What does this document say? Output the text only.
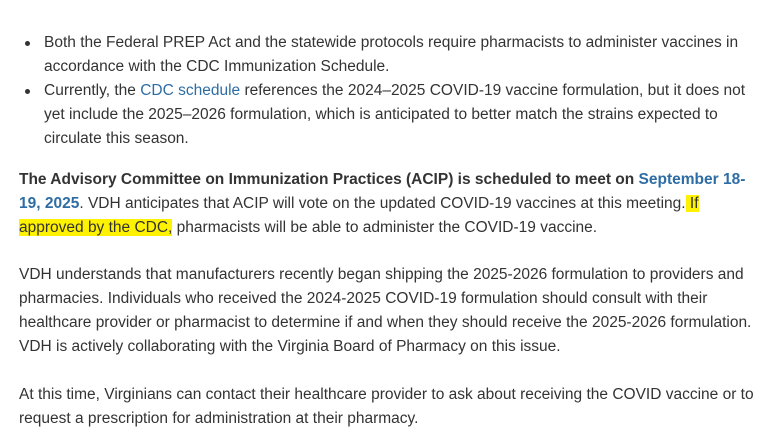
Both the Federal PREP Act and the statewide protocols require pharmacists to administer vaccines in accordance with the CDC Immunization Schedule.
Currently, the CDC schedule references the 2024–2025 COVID-19 vaccine formulation, but it does not yet include the 2025–2026 formulation, which is anticipated to better match the strains expected to circulate this season.

The Advisory Committee on Immunization Practices (ACIP) is scheduled to meet on September 18-19, 2025. VDH anticipates that ACIP will vote on the updated COVID-19 vaccines at this meeting. If approved by the CDC, pharmacists will be able to administer the COVID-19 vaccine.

VDH understands that manufacturers recently began shipping the 2025-2026 formulation to providers and pharmacies. Individuals who received the 2024-2025 COVID-19 formulation should consult with their healthcare provider or pharmacist to determine if and when they should receive the 2025-2026 formulation. VDH is actively collaborating with the Virginia Board of Pharmacy on this issue.

At this time, Virginians can contact their healthcare provider to ask about receiving the COVID vaccine or to request a prescription for administration at their pharmacy.
